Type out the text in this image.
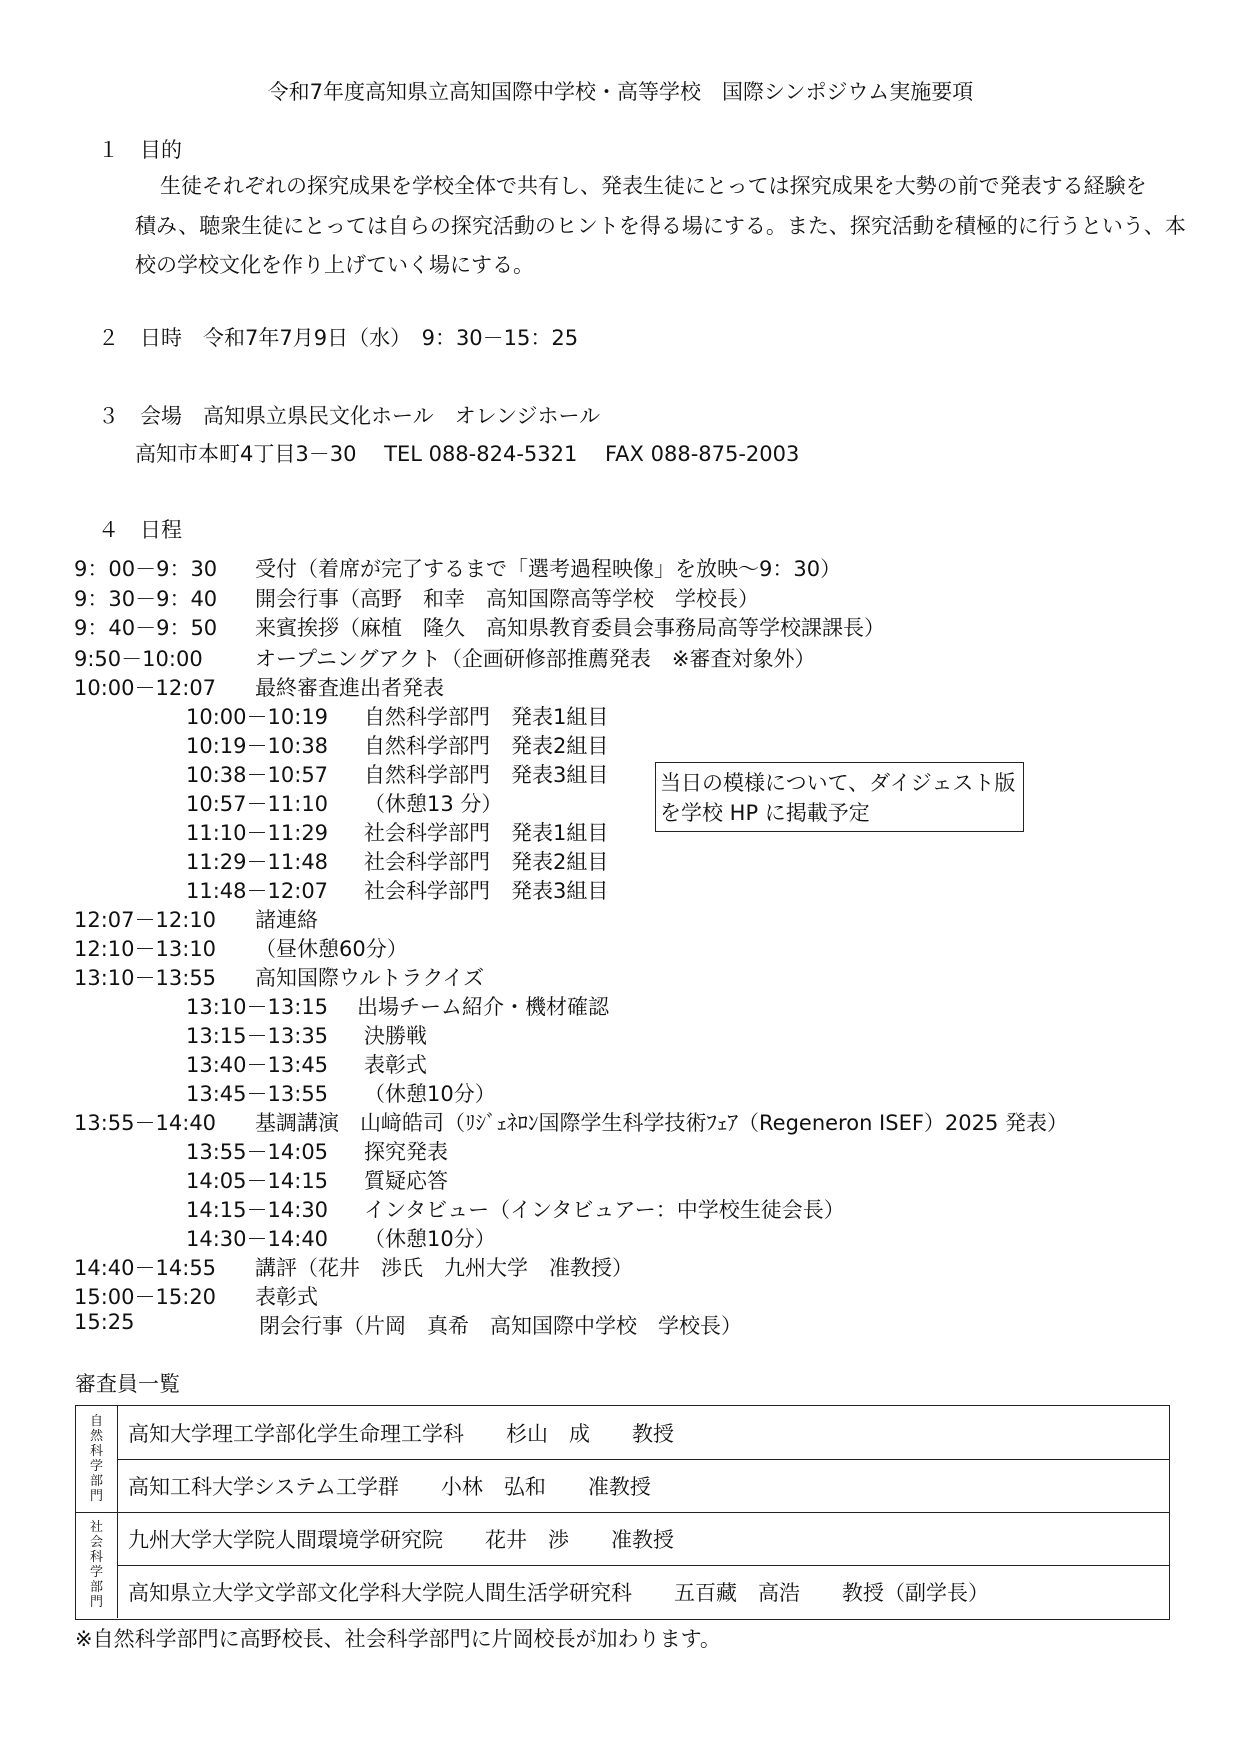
令和7年度高知県立高知国際中学校・高等学校　国際シンポジウム実施要項
１　目的
生徒それぞれの探究成果を学校全体で共有し、発表生徒にとっては探究成果を大勢の前で発表する経験を
積み、聴衆生徒にとっては自らの探究活動のヒントを得る場にする。また、探究活動を積極的に行うという、本
校の学校文化を作り上げていく場にする。
２　日時　令和7年7月9日（水）　9：30－15：25
３　会場　高知県立県民文化ホール　オレンジホール
高知市本町4丁目3－30　 TEL 088-824-5321　 FAX 088-875-2003
４　日程
9：00－9：30 受付（着席が完了するまで「選考過程映像」を放映～9：30）
9：30－9：40 開会行事（高野　和幸　高知国際高等学校　学校長）
9：40－9：50 来賓挨拶（麻植　隆久　高知県教育委員会事務局高等学校課課長）
9:50－10:00 オープニングアクト（企画研修部推薦発表　※審査対象外）
10:00－12:07 最終審査進出者発表
10:00－10:19 自然科学部門　発表1組目
10:19－10:38 自然科学部門　発表2組目
10:38－10:57 自然科学部門　発表3組目
10:57－11:10 （休憩13 分）
11:10－11:29 社会科学部門　発表1組目
11:29－11:48 社会科学部門　発表2組目
11:48－12:07 社会科学部門　発表3組目
12:07－12:10 諸連絡
12:10－13:10 （昼休憩60分）
13:10－13:55 高知国際ウルトラクイズ
13:10－13:15 出場チーム紹介・機材確認
13:15－13:35 決勝戦
13:40－13:45 表彰式
13:45－13:55 （休憩10分）
13:55－14:40 基調講演　山﨑皓司（ﾘｼﾞｪﾈﾛﾝ国際学生科学技術ﾌｪｱ（Regeneron ISEF）2025 発表）
13:55－14:05 探究発表
14:05－14:15 質疑応答
14:15－14:30 インタビュー（インタビュアー：中学校生徒会長）
14:30－14:40 （休憩10分）
14:40－14:55 講評（花井　渉氏　九州大学　准教授）
15:00－15:20 表彰式
15:25	閉会行事（片岡　真希　高知国際中学校　学校長）
当日の模様について、ダイジェスト版を学校 HP に掲載予定
審査員一覧
自然科学部門
社会科学部門
高知大学理工学部化学生命理工学科　　杉山　成　　教授
高知工科大学システム工学群　　小林　弘和　　准教授
九州大学大学院人間環境学研究院　　花井　渉　　准教授
高知県立大学文学部文化学科大学院人間生活学研究科　　五百藏　高浩　　教授（副学長）
※自然科学部門に高野校長、社会科学部門に片岡校長が加わります。
